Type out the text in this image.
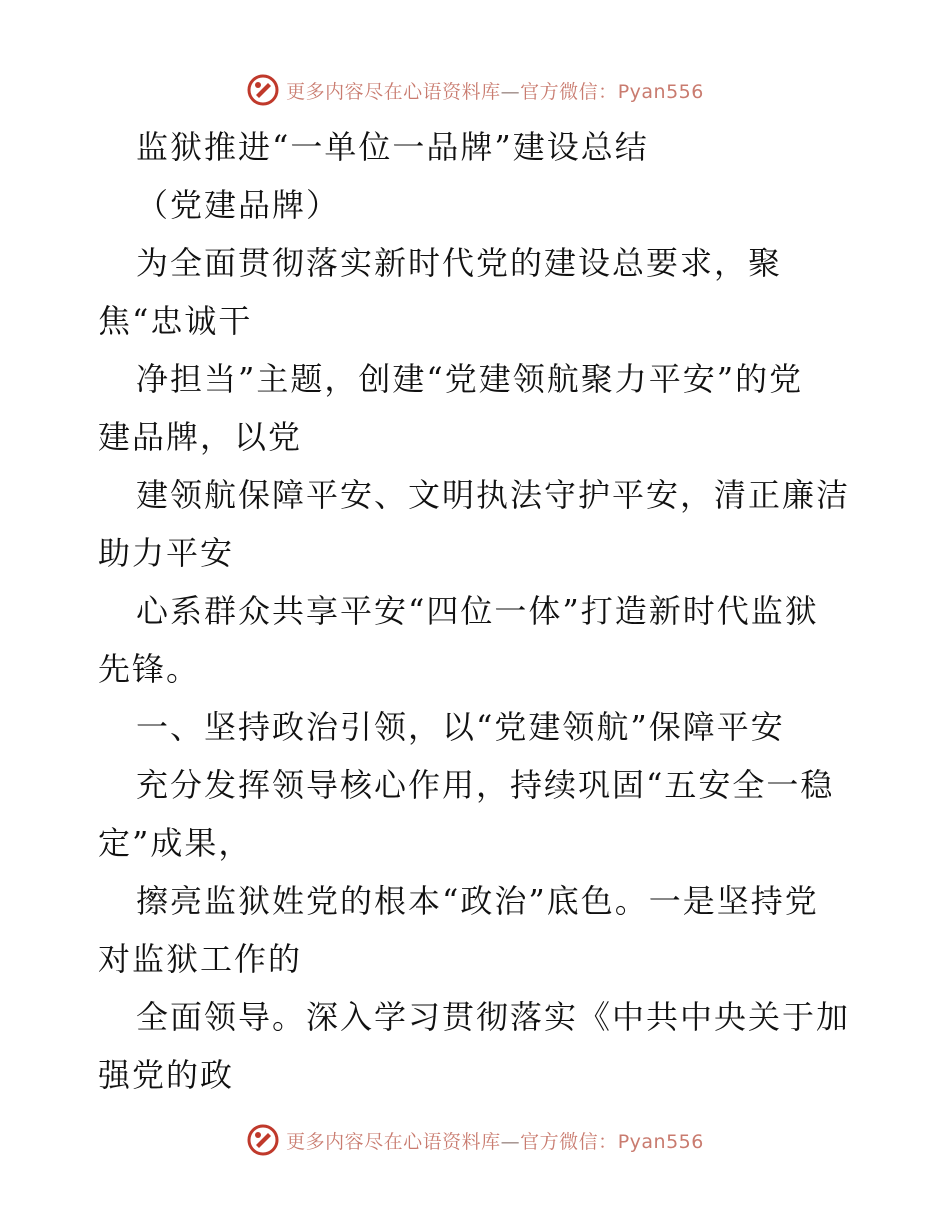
更多内容尽在心语资料库—官方微信：Pyan556
监狱推进“一单位一品牌”建设总结
（党建品牌）
为全面贯彻落实新时代党的建设总要求，聚
焦“忠诚干
净担当”主题，创建“党建领航聚力平安”的党
建品牌，以党
建领航保障平安、文明执法守护平安，清正廉洁
助力平安
心系群众共享平安“四位一体”打造新时代监狱
先锋。
一、坚持政治引领，以“党建领航”保障平安
充分发挥领导核心作用，持续巩固“五安全一稳
定”成果，
擦亮监狱姓党的根本“政治”底色。一是坚持党
对监狱工作的
全面领导。深入学习贯彻落实《中共中央关于加
强党的政
更多内容尽在心语资料库—官方微信：Pyan556
